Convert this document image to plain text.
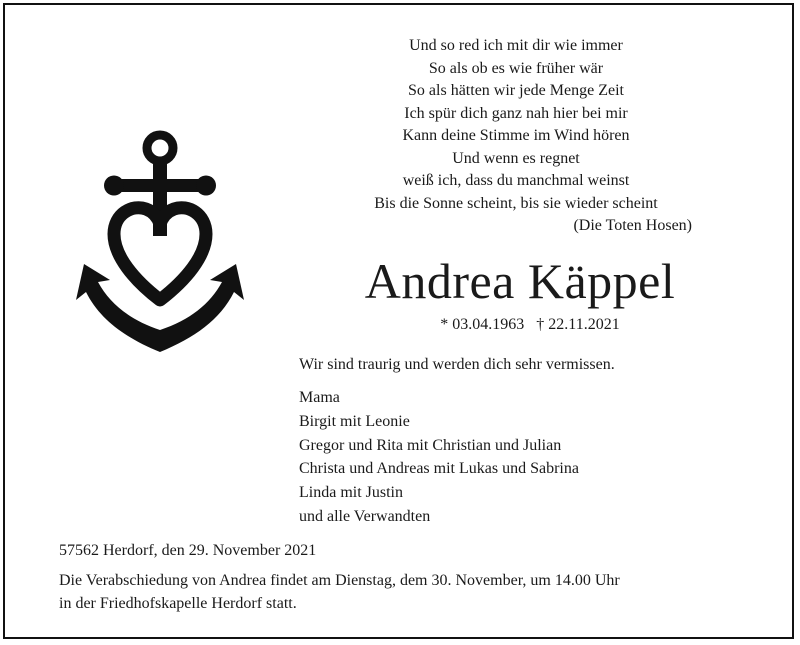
Und so red ich mit dir wie immer
So als ob es wie früher wär
So als hätten wir jede Menge Zeit
Ich spür dich ganz nah hier bei mir
Kann deine Stimme im Wind hören
Und wenn es regnet
weiß ich, dass du manchmal weinst
Bis die Sonne scheint, bis sie wieder scheint
(Die Toten Hosen)
Andrea Käppel
* 03.04.1963 † 22.11.2021
Wir sind traurig und werden dich sehr vermissen.
Mama
Birgit mit Leonie
Gregor und Rita mit Christian und Julian
Christa und Andreas mit Lukas und Sabrina
Linda mit Justin
und alle Verwandten
57562 Herdorf, den 29. November 2021
Die Verabschiedung von Andrea findet am Dienstag, dem 30. November, um 14.00 Uhr
in der Friedhofskapelle Herdorf statt.
